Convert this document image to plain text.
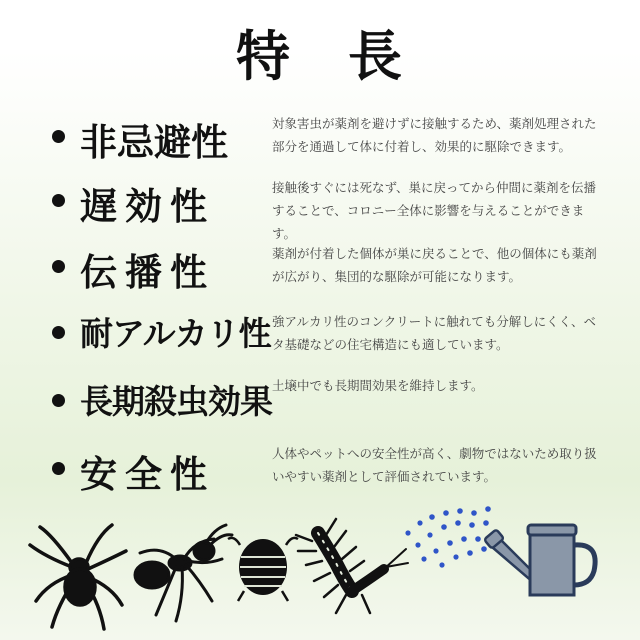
特　長
非忌避性	対象害虫が薬剤を避けずに接触するため、薬剤処理された部分を通過して体に付着し、効果的に駆除できます。
遅効性	接触後すぐには死なず、巣に戻ってから仲間に薬剤を伝播することで、コロニー全体に影響を与えることができます。
伝播性	薬剤が付着した個体が巣に戻ることで、他の個体にも薬剤が広がり、集団的な駆除が可能になります。
耐アルカリ性 強アルカリ性のコンクリートに触れても分解しにくく、ベタ基礎などの住宅構造にも適しています。
長期殺虫効果 土壌中でも長期間効果を維持します。
安全性	人体やペットへの安全性が高く、劇物ではないため取り扱いやすい薬剤として評価されています。
